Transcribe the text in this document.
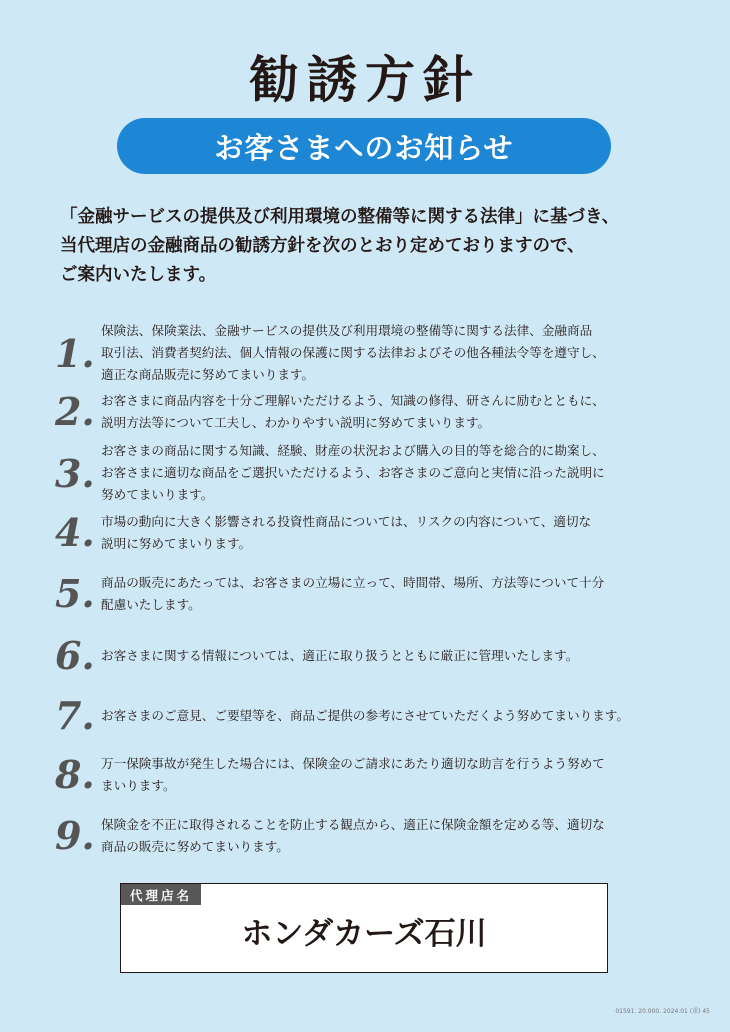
勧誘方針
お客さまへのお知らせ
「金融サービスの提供及び利用環境の整備等に関する法律」に基づき、
当代理店の金融商品の勧誘方針を次のとおり定めておりますので、
ご案内いたします。
1. 保険法、保険業法、金融サービスの提供及び利用環境の整備等に関する法律、金融商品
取引法、消費者契約法、個人情報の保護に関する法律およびその他各種法令等を遵守し、
適正な商品販売に努めてまいります。
2. お客さまに商品内容を十分ご理解いただけるよう、知識の修得、研さんに励むとともに、
説明方法等について工夫し、わかりやすい説明に努めてまいります。
3. お客さまの商品に関する知識、経験、財産の状況および購入の目的等を総合的に勘案し、
お客さまに適切な商品をご選択いただけるよう、お客さまのご意向と実情に沿った説明に
努めてまいります。
4. 市場の動向に大きく影響される投資性商品については、リスクの内容について、適切な
説明に努めてまいります。
5. 商品の販売にあたっては、お客さまの立場に立って、時間帯、場所、方法等について十分
配慮いたします。
6. お客さまに関する情報については、適正に取り扱うとともに厳正に管理いたします。
7. お客さまのご意見、ご要望等を、商品ご提供の参考にさせていただくよう努めてまいります。
8. 万一保険事故が発生した場合には、保険金のご請求にあたり適切な助言を行うよう努めて
まいります。
9. 保険金を不正に取得されることを防止する観点から、適正に保険金額を定める等、適切な
商品の販売に努めてまいります。
代理店名
ホンダカーズ石川
01591. 20.000. 2024.01 (重) 45
